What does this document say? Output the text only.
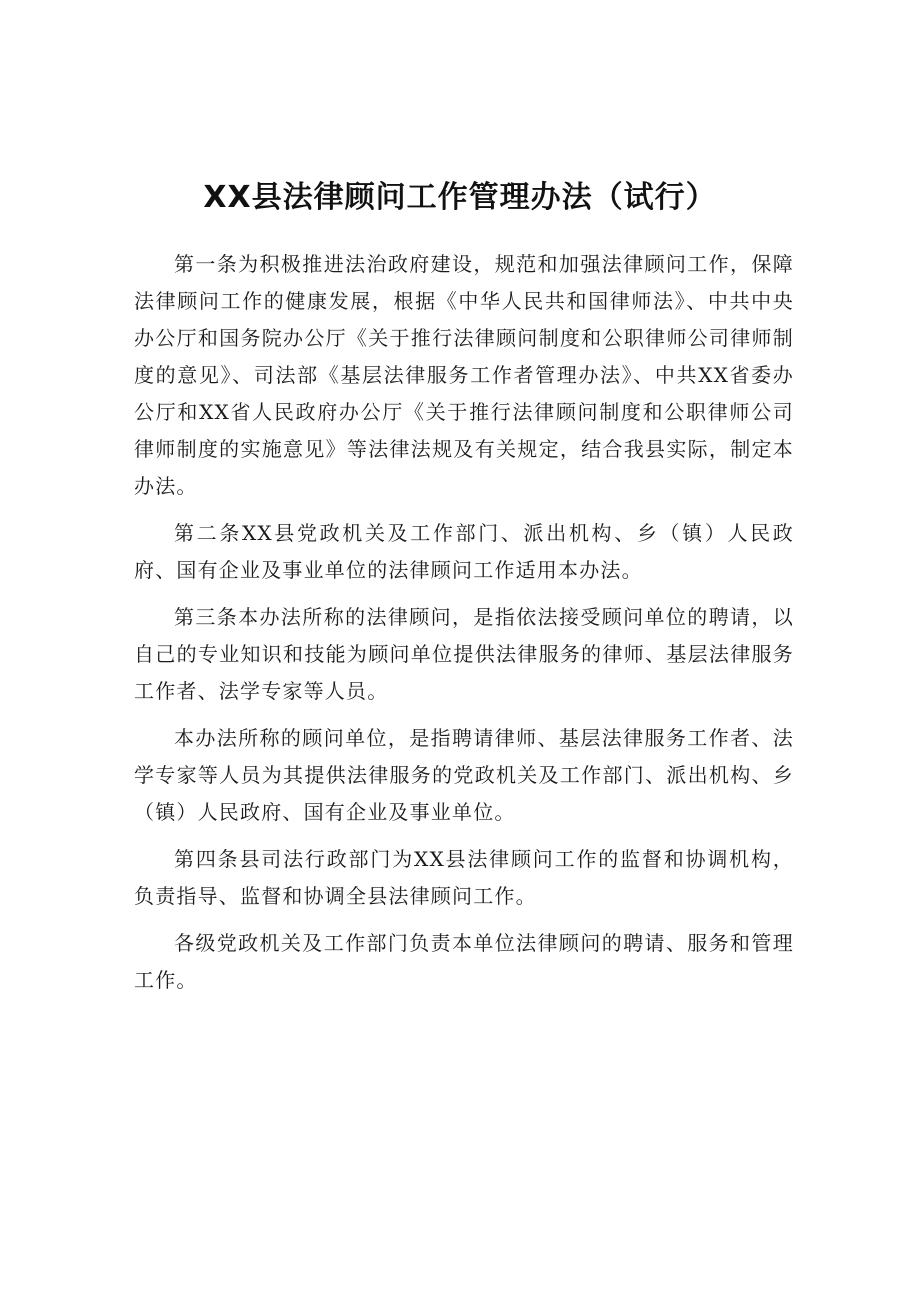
XX县法律顾问工作管理办法（试行）

第一条为积极推进法治政府建设，规范和加强法律顾问工作，保障法律顾问工作的健康发展，根据《中华人民共和国律师法》、中共中央办公厅和国务院办公厅《关于推行法律顾问制度和公职律师公司律师制度的意见》、司法部《基层法律服务工作者管理办法》、中共XX省委办公厅和XX省人民政府办公厅《关于推行法律顾问制度和公职律师公司律师制度的实施意见》等法律法规及有关规定，结合我县实际，制定本办法。

第二条XX县党政机关及工作部门、派出机构、乡（镇）人民政府、国有企业及事业单位的法律顾问工作适用本办法。

第三条本办法所称的法律顾问，是指依法接受顾问单位的聘请，以自己的专业知识和技能为顾问单位提供法律服务的律师、基层法律服务工作者、法学专家等人员。

本办法所称的顾问单位，是指聘请律师、基层法律服务工作者、法学专家等人员为其提供法律服务的党政机关及工作部门、派出机构、乡（镇）人民政府、国有企业及事业单位。

第四条县司法行政部门为XX县法律顾问工作的监督和协调机构，负责指导、监督和协调全县法律顾问工作。

各级党政机关及工作部门负责本单位法律顾问的聘请、服务和管理工作。
